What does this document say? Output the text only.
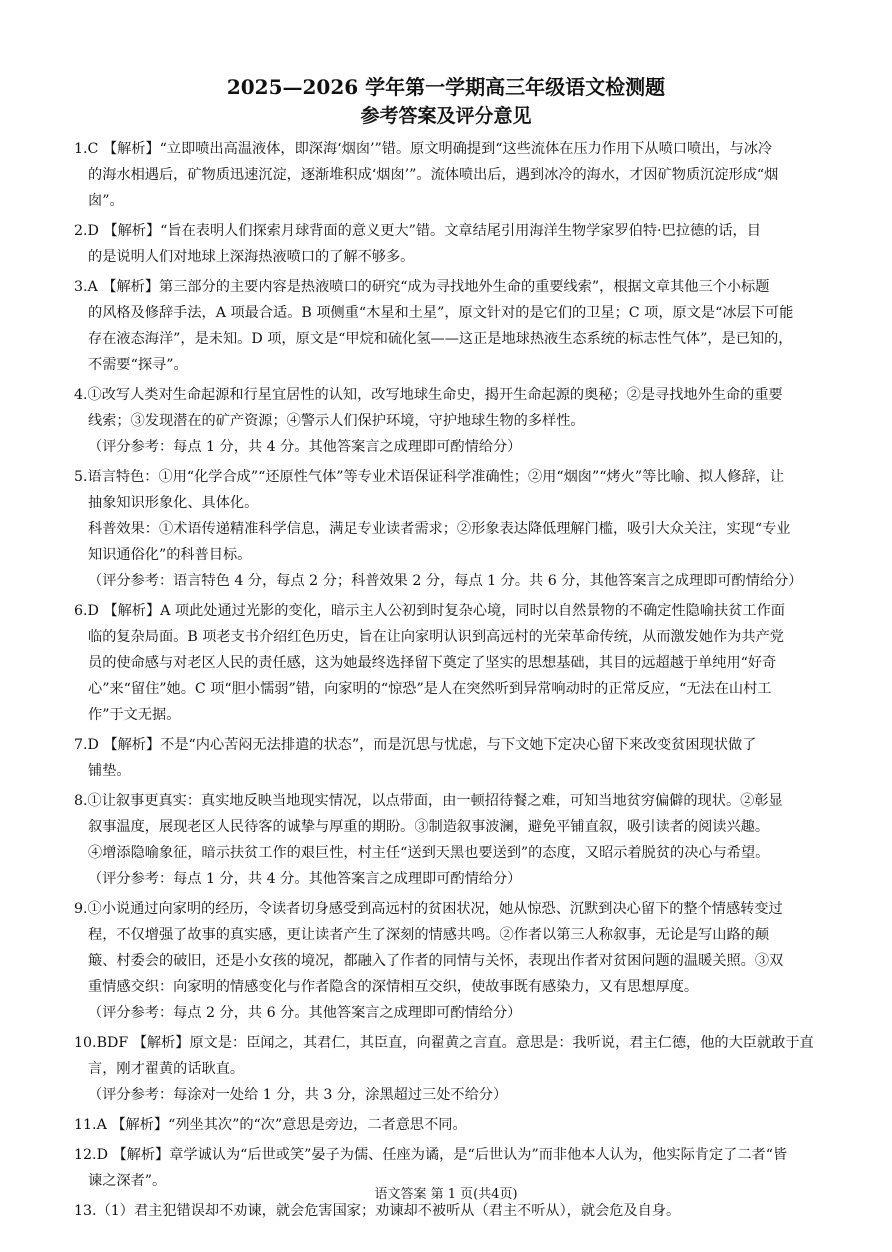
2025—2026 学年第一学期高三年级语文检测题
参考答案及评分意见
1.C 【解析】“立即喷出高温液体，即深海‘烟囱’”错。原文明确提到“这些流体在压力作用下从喷口喷出，与冰冷
的海水相遇后，矿物质迅速沉淀，逐渐堆积成‘烟囱’”。流体喷出后，遇到冰冷的海水，才因矿物质沉淀形成“烟
囱”。
2.D 【解析】“旨在表明人们探索月球背面的意义更大”错。文章结尾引用海洋生物学家罗伯特·巴拉德的话，目
的是说明人们对地球上深海热液喷口的了解不够多。
3.A 【解析】第三部分的主要内容是热液喷口的研究“成为寻找地外生命的重要线索”，根据文章其他三个小标题
的风格及修辞手法，A 项最合适。B 项侧重“木星和土星”，原文针对的是它们的卫星；C 项，原文是“冰层下可能
存在液态海洋”，是未知。D 项，原文是“甲烷和硫化氢——这正是地球热液生态系统的标志性气体”，是已知的，
不需要“探寻”。
4.①改写人类对生命起源和行星宜居性的认知，改写地球生命史，揭开生命起源的奥秘；②是寻找地外生命的重要
线索；③发现潜在的矿产资源；④警示人们保护环境，守护地球生物的多样性。
（评分参考：每点 1 分，共 4 分。其他答案言之成理即可酌情给分）
5.语言特色：①用“化学合成”“还原性气体”等专业术语保证科学准确性；②用“烟囱”“烤火”等比喻、拟人修辞，让
抽象知识形象化、具体化。
科普效果：①术语传递精准科学信息，满足专业读者需求；②形象表达降低理解门槛，吸引大众关注，实现“专业
知识通俗化”的科普目标。
（评分参考：语言特色 4 分，每点 2 分；科普效果 2 分，每点 1 分。共 6 分，其他答案言之成理即可酌情给分）
6.D 【解析】A 项此处通过光影的变化，暗示主人公初到时复杂心境，同时以自然景物的不确定性隐喻扶贫工作面
临的复杂局面。B 项老支书介绍红色历史，旨在让向家明认识到高远村的光荣革命传统，从而激发她作为共产党
员的使命感与对老区人民的责任感，这为她最终选择留下奠定了坚实的思想基础，其目的远超越于单纯用“好奇
心”来“留住”她。C 项“胆小懦弱”错，向家明的“惊恐”是人在突然听到异常响动时的正常反应，“无法在山村工
作”于文无据。
7.D 【解析】不是“内心苦闷无法排遣的状态”，而是沉思与忧虑，与下文她下定决心留下来改变贫困现状做了
铺垫。
8.①让叙事更真实：真实地反映当地现实情况，以点带面，由一顿招待餐之难，可知当地贫穷偏僻的现状。②彰显
叙事温度，展现老区人民待客的诚挚与厚重的期盼。③制造叙事波澜，避免平铺直叙，吸引读者的阅读兴趣。
④增添隐喻象征，暗示扶贫工作的艰巨性，村主任“送到天黑也要送到”的态度，又昭示着脱贫的决心与希望。
（评分参考：每点 1 分，共 4 分。其他答案言之成理即可酌情给分）
9.①小说通过向家明的经历，令读者切身感受到高远村的贫困状况，她从惊恐、沉默到决心留下的整个情感转变过
程，不仅增强了故事的真实感，更让读者产生了深刻的情感共鸣。②作者以第三人称叙事，无论是写山路的颠
簸、村委会的破旧，还是小女孩的境况，都融入了作者的同情与关怀，表现出作者对贫困问题的温暖关照。③双
重情感交织：向家明的情感变化与作者隐含的深情相互交织，使故事既有感染力，又有思想厚度。
（评分参考：每点 2 分，共 6 分。其他答案言之成理即可酌情给分）
10.BDF 【解析】原文是：臣闻之，其君仁，其臣直，向翟黄之言直。意思是：我听说，君主仁德，他的大臣就敢于直
言，刚才翟黄的话耿直。
（评分参考：每涂对一处给 1 分，共 3 分，涂黑超过三处不给分）
11.A 【解析】“列坐其次”的“次”意思是旁边，二者意思不同。
12.D 【解析】章学诚认为“后世或笑”晏子为儒、任座为谲，是“后世认为”而非他本人认为，他实际肯定了二者“皆
谏之深者”。
13.（1）君主犯错误却不劝谏，就会危害国家；劝谏却不被听从（君主不听从），就会危及自身。
语文答案 第 1 页(共4页)
